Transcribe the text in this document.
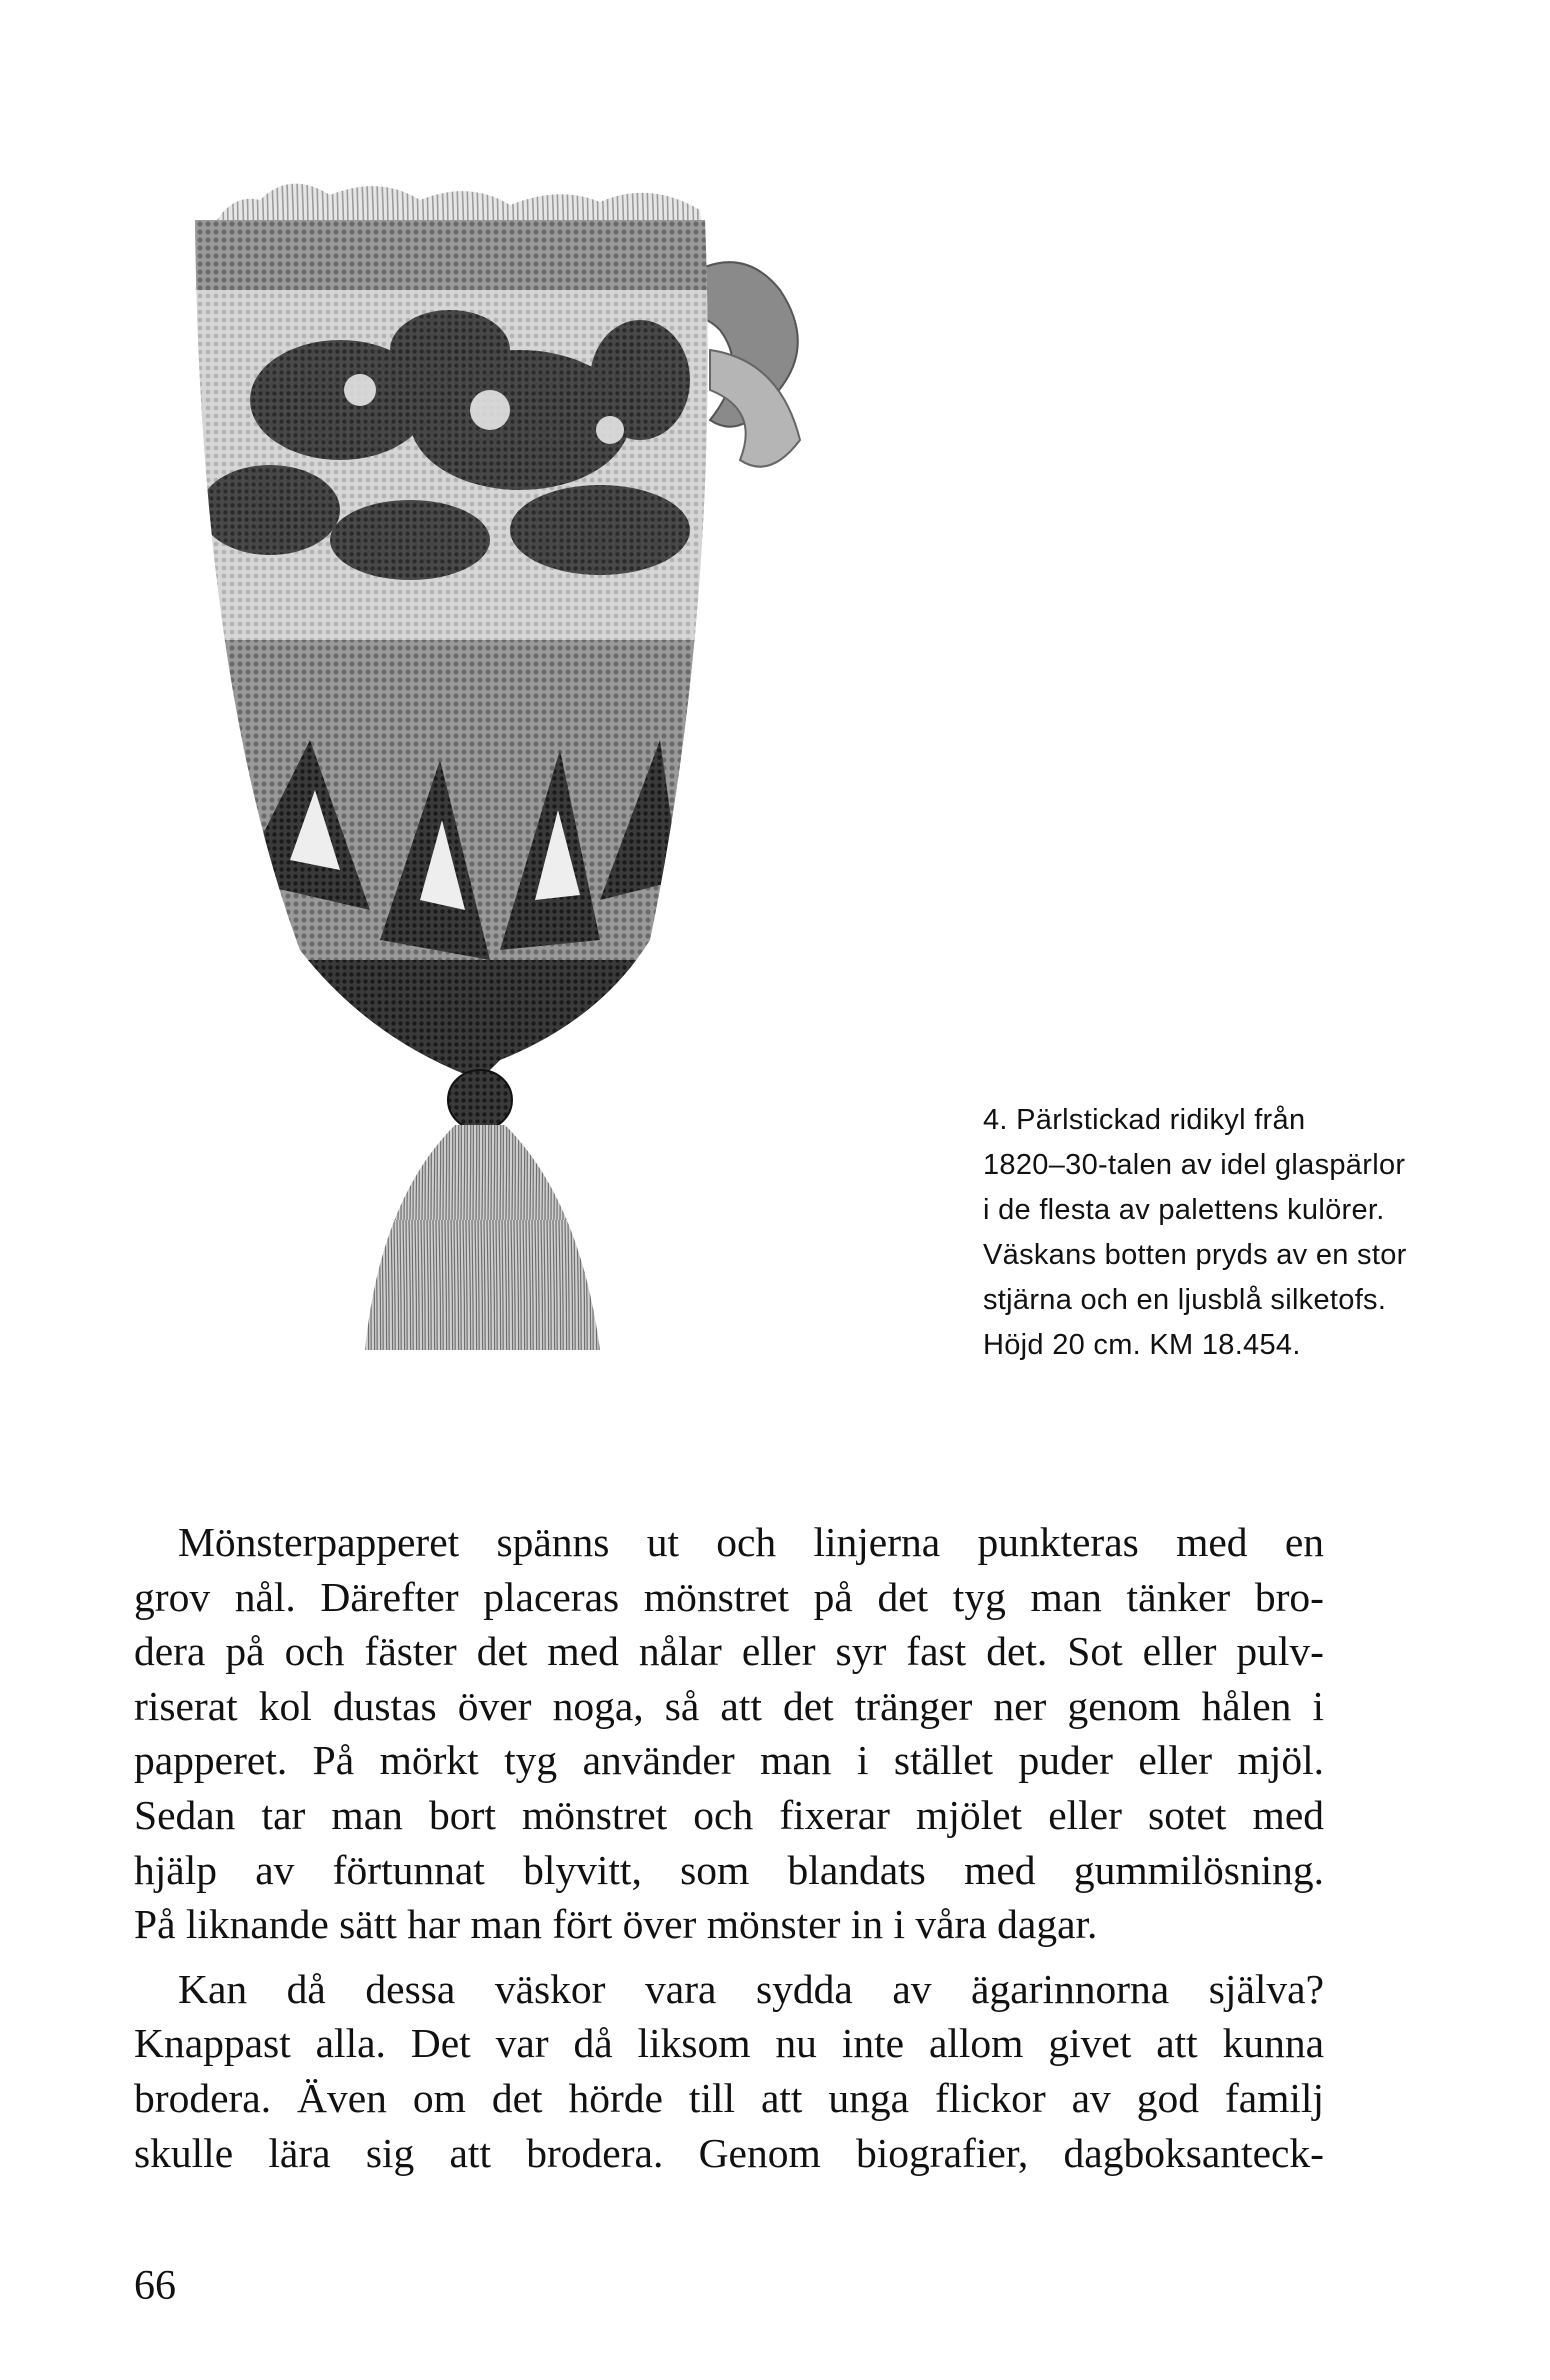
4. Pärlstickad ridikyl från
1820–30-talen av idel glaspärlor
i de flesta av palettens kulörer.
Väskans botten pryds av en stor
stjärna och en ljusblå silketofs.
Höjd 20 cm. KM 18.454.
Mönsterpapperet spänns ut och linjerna punkteras med en
grov nål. Därefter placeras mönstret på det tyg man tänker bro-
dera på och fäster det med nålar eller syr fast det. Sot eller pulv-
riserat kol dustas över noga, så att det tränger ner genom hålen i
papperet. På mörkt tyg använder man i stället puder eller mjöl.
Sedan tar man bort mönstret och fixerar mjölet eller sotet med
hjälp av förtunnat blyvitt, som blandats med gummilösning.
På liknande sätt har man fört över mönster in i våra dagar.
Kan då dessa väskor vara sydda av ägarinnorna själva?
Knappast alla. Det var då liksom nu inte allom givet att kunna
brodera. Även om det hörde till att unga flickor av god familj
skulle lära sig att brodera. Genom biografier, dagboksanteck-
66
